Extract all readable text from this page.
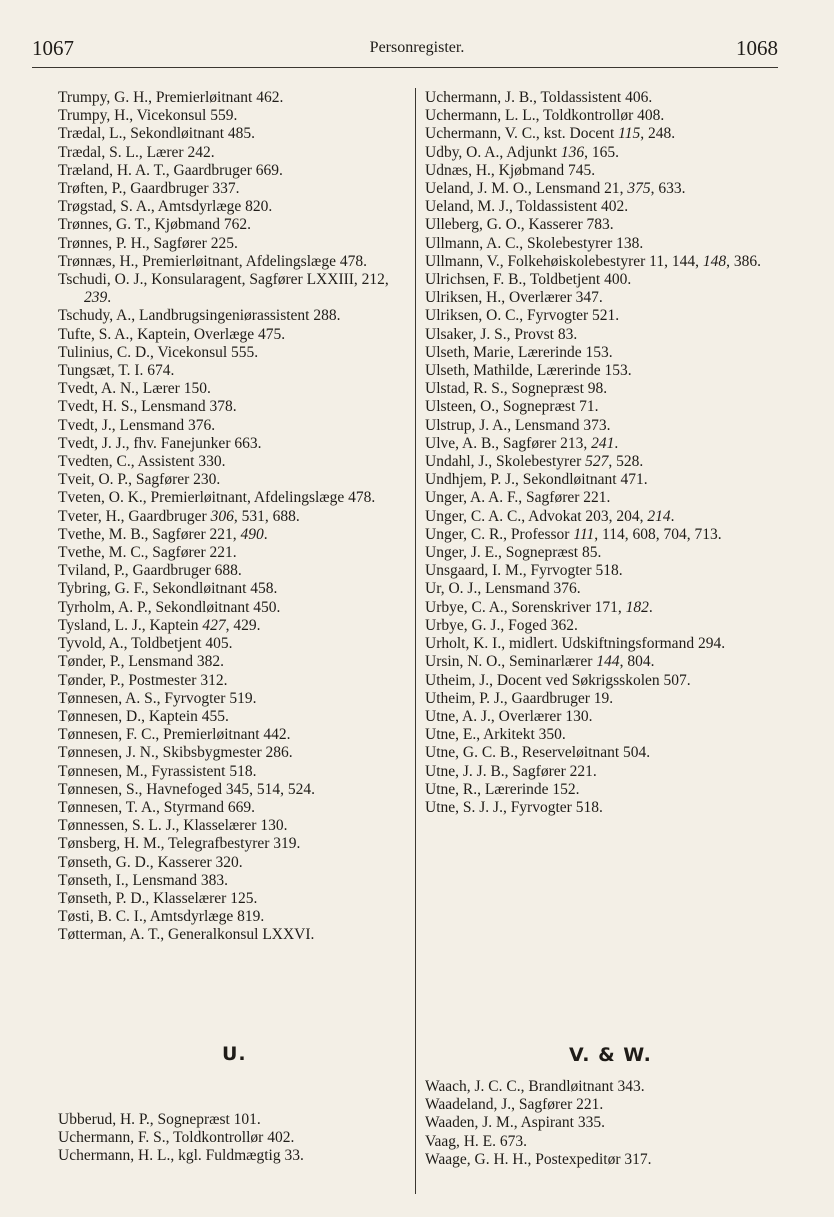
1067	Personregister.	1068
Trumpy, G. H., Premierløitnant 462.
Trumpy, H., Vicekonsul 559.
Trædal, L., Sekondløitnant 485.
Trædal, S. L., Lærer 242.
Træland, H. A. T., Gaardbruger 669.
Trøften, P., Gaardbruger 337.
Trøgstad, S. A., Amtsdyrlæge 820.
Trønnes, G. T., Kjøbmand 762.
Trønnes, P. H., Sagfører 225.
Trønnæs, H., Premierløitnant, Afdelingslæge 478.
Tschudi, O. J., Konsularagent, Sagfører LXXIII, 212, 239.
Tschudy, A., Landbrugsingeniørassistent 288.
Tufte, S. A., Kaptein, Overlæge 475.
Tulinius, C. D., Vicekonsul 555.
Tungsæt, T. I. 674.
Tvedt, A. N., Lærer 150.
Tvedt, H. S., Lensmand 378.
Tvedt, J., Lensmand 376.
Tvedt, J. J., fhv. Fanejunker 663.
Tvedten, C., Assistent 330.
Tveit, O. P., Sagfører 230.
Tveten, O. K., Premierløitnant, Afdelingslæge 478.
Tveter, H., Gaardbruger 306, 531, 688.
Tvethe, M. B., Sagfører 221, 490.
Tvethe, M. C., Sagfører 221.
Tviland, P., Gaardbruger 688.
Tybring, G. F., Sekondløitnant 458.
Tyrholm, A. P., Sekondløitnant 450.
Tysland, L. J., Kaptein 427, 429.
Tyvold, A., Toldbetjent 405.
Tønder, P., Lensmand 382.
Tønder, P., Postmester 312.
Tønnesen, A. S., Fyrvogter 519.
Tønnesen, D., Kaptein 455.
Tønnesen, F. C., Premierløitnant 442.
Tønnesen, J. N., Skibsbygmester 286.
Tønnesen, M., Fyrassistent 518.
Tønnesen, S., Havnefoged 345, 514, 524.
Tønnesen, T. A., Styrmand 669.
Tønnessen, S. L. J., Klasselærer 130.
Tønsberg, H. M., Telegrafbestyrer 319.
Tønseth, G. D., Kasserer 320.
Tønseth, I., Lensmand 383.
Tønseth, P. D., Klasselærer 125.
Tøsti, B. C. I., Amtsdyrlæge 819.
Tøtterman, A. T., Generalkonsul LXXVI.
Uchermann, J. B., Toldassistent 406.
Uchermann, L. L., Toldkontrollør 408.
Uchermann, V. C., kst. Docent 115, 248.
Udby, O. A., Adjunkt 136, 165.
Udnæs, H., Kjøbmand 745.
Ueland, J. M. O., Lensmand 21, 375, 633.
Ueland, M. J., Toldassistent 402.
Ulleberg, G. O., Kasserer 783.
Ullmann, A. C., Skolebestyrer 138.
Ullmann, V., Folkehøiskolebestyrer 11, 144, 148, 386.
Ulrichsen, F. B., Toldbetjent 400.
Ulriksen, H., Overlærer 347.
Ulriksen, O. C., Fyrvogter 521.
Ulsaker, J. S., Provst 83.
Ulseth, Marie, Lærerinde 153.
Ulseth, Mathilde, Lærerinde 153.
Ulstad, R. S., Sognepræst 98.
Ulsteen, O., Sognepræst 71.
Ulstrup, J. A., Lensmand 373.
Ulve, A. B., Sagfører 213, 241.
Undahl, J., Skolebestyrer 527, 528.
Undhjem, P. J., Sekondløitnant 471.
Unger, A. A. F., Sagfører 221.
Unger, C. A. C., Advokat 203, 204, 214.
Unger, C. R., Professor 111, 114, 608, 704, 713.
Unger, J. E., Sognepræst 85.
Unsgaard, I. M., Fyrvogter 518.
Ur, O. J., Lensmand 376.
Urbye, C. A., Sorenskriver 171, 182.
Urbye, G. J., Foged 362.
Urholt, K. I., midlert. Udskiftningsformand 294.
Ursin, N. O., Seminarlærer 144, 804.
Utheim, J., Docent ved Søkrigsskolen 507.
Utheim, P. J., Gaardbruger 19.
Utne, A. J., Overlærer 130.
Utne, E., Arkitekt 350.
Utne, G. C. B., Reserveløitnant 504.
Utne, J. J. B., Sagfører 221.
Utne, R., Lærerinde 152.
Utne, S. J. J., Fyrvogter 518.
U.
Ubberud, H. P., Sognepræst 101.
Uchermann, F. S., Toldkontrollør 402.
Uchermann, H. L., kgl. Fuldmægtig 33.
V. & W.
Waach, J. C. C., Brandløitnant 343.
Waadeland, J., Sagfører 221.
Waaden, J. M., Aspirant 335.
Vaag, H. E. 673.
Waage, G. H. H., Postexpeditør 317.
